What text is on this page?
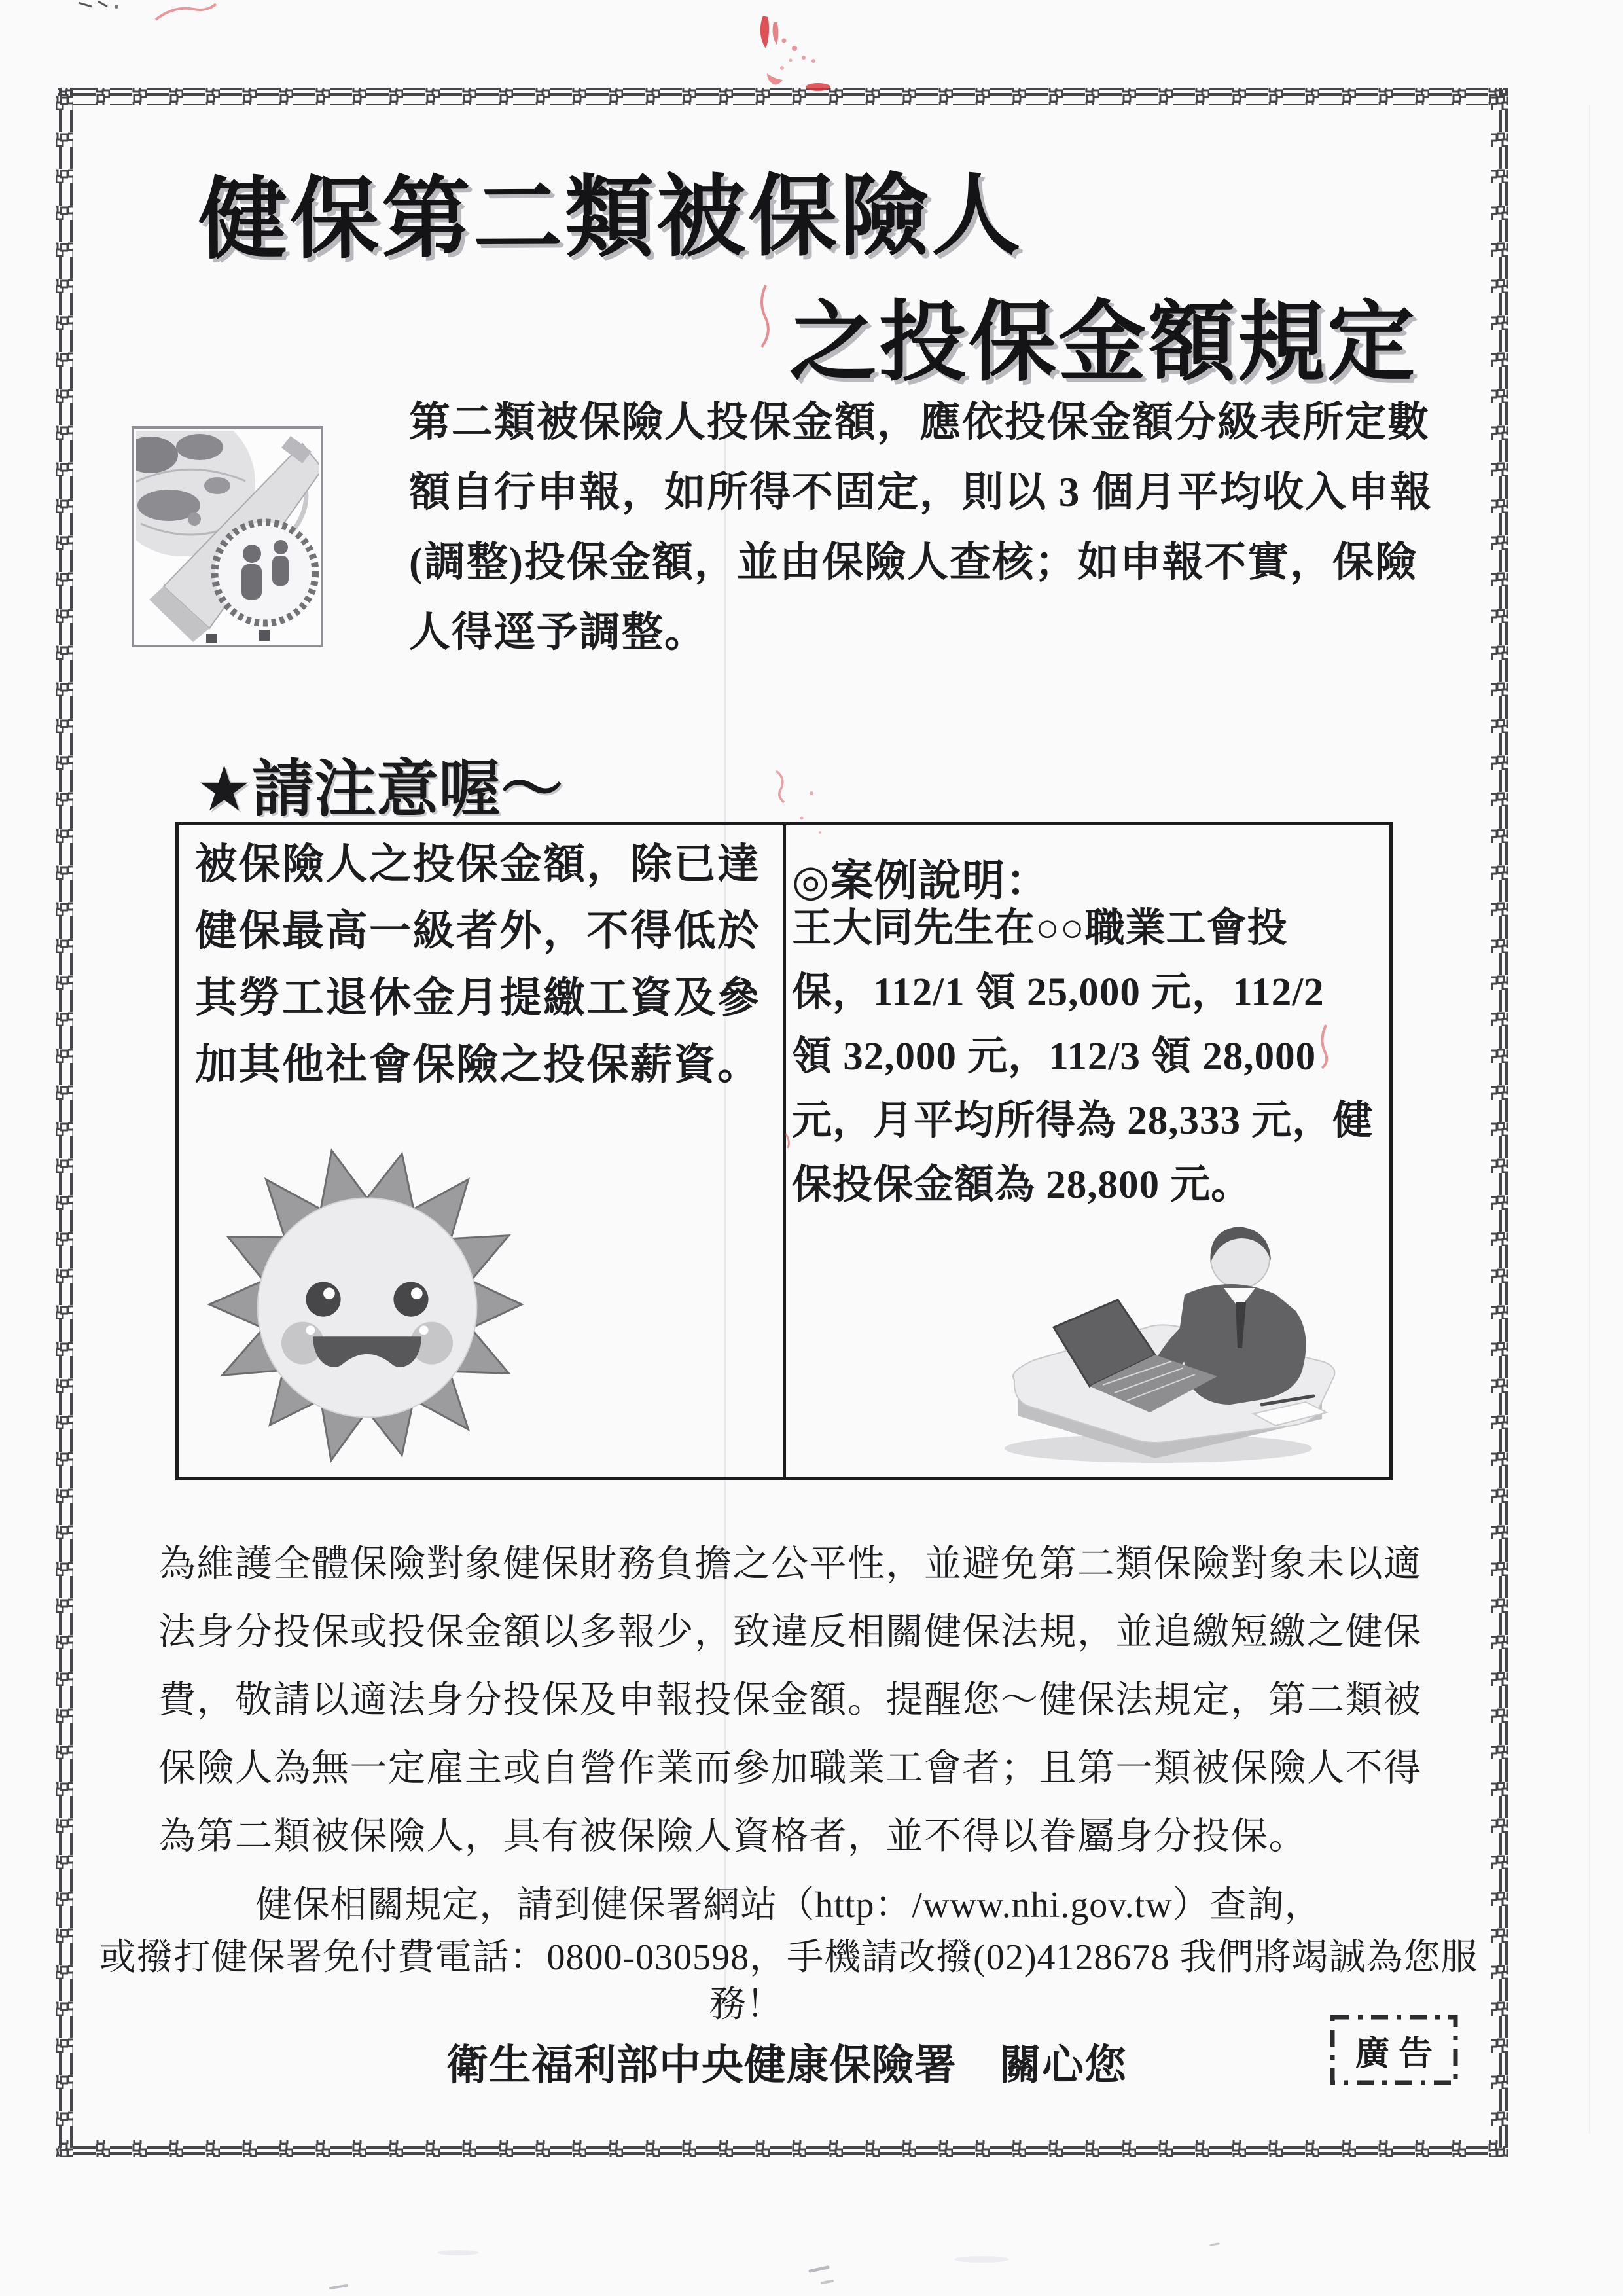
健保第二類被保險人
之投保金額規定
第二類被保險人投保金額，應依投保金額分級表所定數
額自行申報，如所得不固定，則以 3 個月平均收入申報
(調整)投保金額，並由保險人查核；如申報不實，保險
人得逕予調整。
★請注意喔～
被保險人之投保金額，除已達
健保最高一級者外，不得低於
其勞工退休金月提繳工資及參
加其他社會保險之投保薪資。
◎案例說明：
王大同先生在○○職業工會投
保，112/1 領 25,000 元，112/2
領 32,000 元，112/3 領 28,000
元，月平均所得為 28,333 元，健
保投保金額為 28,800 元。
為維護全體保險對象健保財務負擔之公平性，並避免第二類保險對象未以適
法身分投保或投保金額以多報少，致違反相關健保法規，並追繳短繳之健保
費，敬請以適法身分投保及申報投保金額。提醒您～健保法規定，第二類被
保險人為無一定雇主或自營作業而參加職業工會者；且第一類被保險人不得
為第二類被保險人，具有被保險人資格者，並不得以眷屬身分投保。
健保相關規定，請到健保署網站（http：/www.nhi.gov.tw）查詢，
或撥打健保署免付費電話：0800-030598，手機請改撥(02)4128678 我們將竭誠為您服
務！
衛生福利部中央健康保險署　關心您	廣告
